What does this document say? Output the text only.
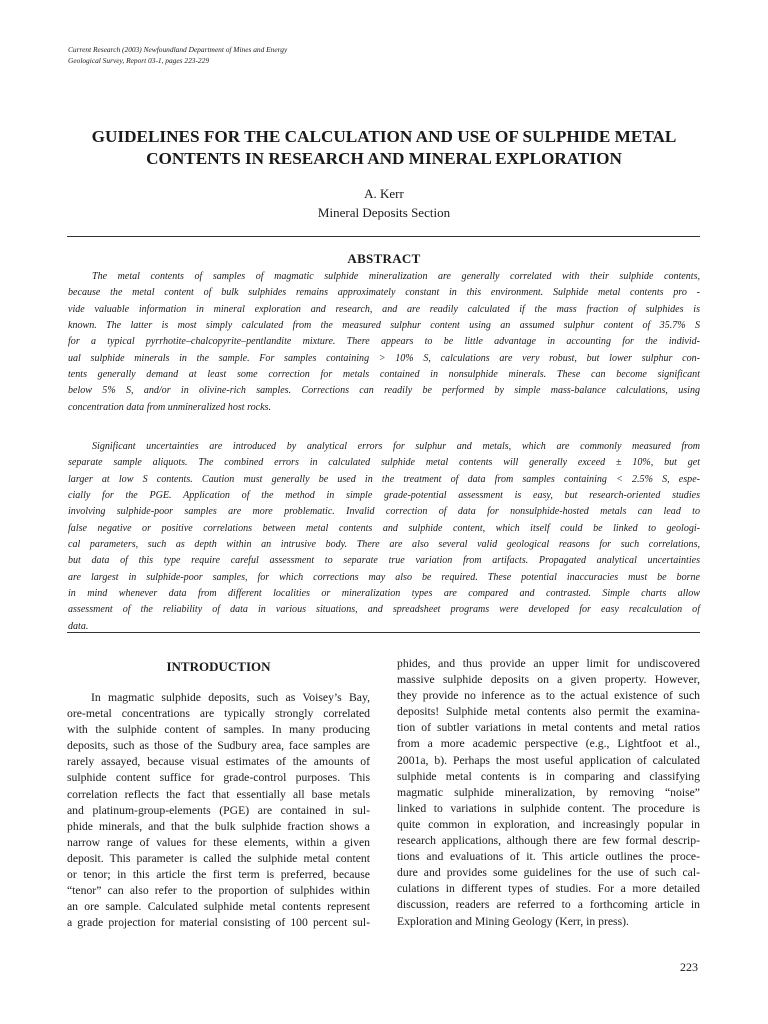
Current Research (2003) Newfoundland Department of Mines and Energy
Geological Survey, Report 03-1, pages 223-229
GUIDELINES FOR THE CALCULATION AND USE OF SULPHIDE METAL
CONTENTS IN RESEARCH AND MINERAL EXPLORATION
A. Kerr
Mineral Deposits Section
ABSTRACT
The metal contents of samples of magmatic sulphide mineralization are generally correlated with their sulphide contents,
because the metal content of bulk sulphides remains approximately constant in this environment. Sulphide metal contents pro -
vide valuable information in mineral exploration and research, and are readily calculated if the mass fraction of sulphides is
known. The latter is most simply calculated from the measured sulphur content using an assumed sulphur content of 35.7% S
for a typical pyrrhotite–chalcopyrite–pentlandite mixture. There appears to be little advantage in accounting for the individ-
ual sulphide minerals in the sample. For samples containing > 10% S, calculations are very robust, but lower sulphur con-
tents generally demand at least some correction for metals contained in nonsulphide minerals. These can become significant
below 5% S, and/or in olivine-rich samples. Corrections can readily be performed by simple mass-balance calculations, using
concentration data from unmineralized host rocks.
Significant uncertainties are introduced by analytical errors for sulphur and metals, which are commonly measured from
separate sample aliquots. The combined errors in calculated sulphide metal contents will generally exceed ± 10%, but get
larger at low S contents. Caution must generally be used in the treatment of data from samples containing < 2.5% S, espe-
cially for the PGE. Application of the method in simple grade-potential assessment is easy, but research-oriented studies
involving sulphide-poor samples are more problematic. Invalid correction of data for nonsulphide-hosted metals can lead to
false negative or positive correlations between metal contents and sulphide content, which itself could be linked to geologi-
cal parameters, such as depth within an intrusive body. There are also several valid geological reasons for such correlations,
but data of this type require careful assessment to separate true variation from artifacts. Propagated analytical uncertainties
are largest in sulphide-poor samples, for which corrections may also be required. These potential inaccuracies must be borne
in mind whenever data from different localities or mineralization types are compared and contrasted. Simple charts allow
assessment of the reliability of data in various situations, and spreadsheet programs were developed for easy recalculation of
data.
INTRODUCTION
In magmatic sulphide deposits, such as Voisey’s Bay,
ore-metal concentrations are typically strongly correlated
with the sulphide content of samples. In many producing
deposits, such as those of the Sudbury area, face samples are
rarely assayed, because visual estimates of the amounts of
sulphide content suffice for grade-control purposes. This
correlation reflects the fact that essentially all base metals
and platinum-group-elements (PGE) are contained in sul-
phide minerals, and that the bulk sulphide fraction shows a
narrow range of values for these elements, within a given
deposit. This parameter is called the sulphide metal content
or tenor; in this article the first term is preferred, because
“tenor” can also refer to the proportion of sulphides within
an ore sample. Calculated sulphide metal contents represent
a grade projection for material consisting of 100 percent sul-
phides, and thus provide an upper limit for undiscovered
massive sulphide deposits on a given property. However,
they provide no inference as to the actual existence of such
deposits! Sulphide metal contents also permit the examina-
tion of subtler variations in metal contents and metal ratios
from a more academic perspective (e.g., Lightfoot et al.,
2001a, b). Perhaps the most useful application of calculated
sulphide metal contents is in comparing and classifying
magmatic sulphide mineralization, by removing “noise”
linked to variations in sulphide content. The procedure is
quite common in exploration, and increasingly popular in
research applications, although there are few formal descrip-
tions and evaluations of it. This article outlines the proce-
dure and provides some guidelines for the use of such cal-
culations in different types of studies. For a more detailed
discussion, readers are referred to a forthcoming article in
Exploration and Mining Geology (Kerr, in press).
223
